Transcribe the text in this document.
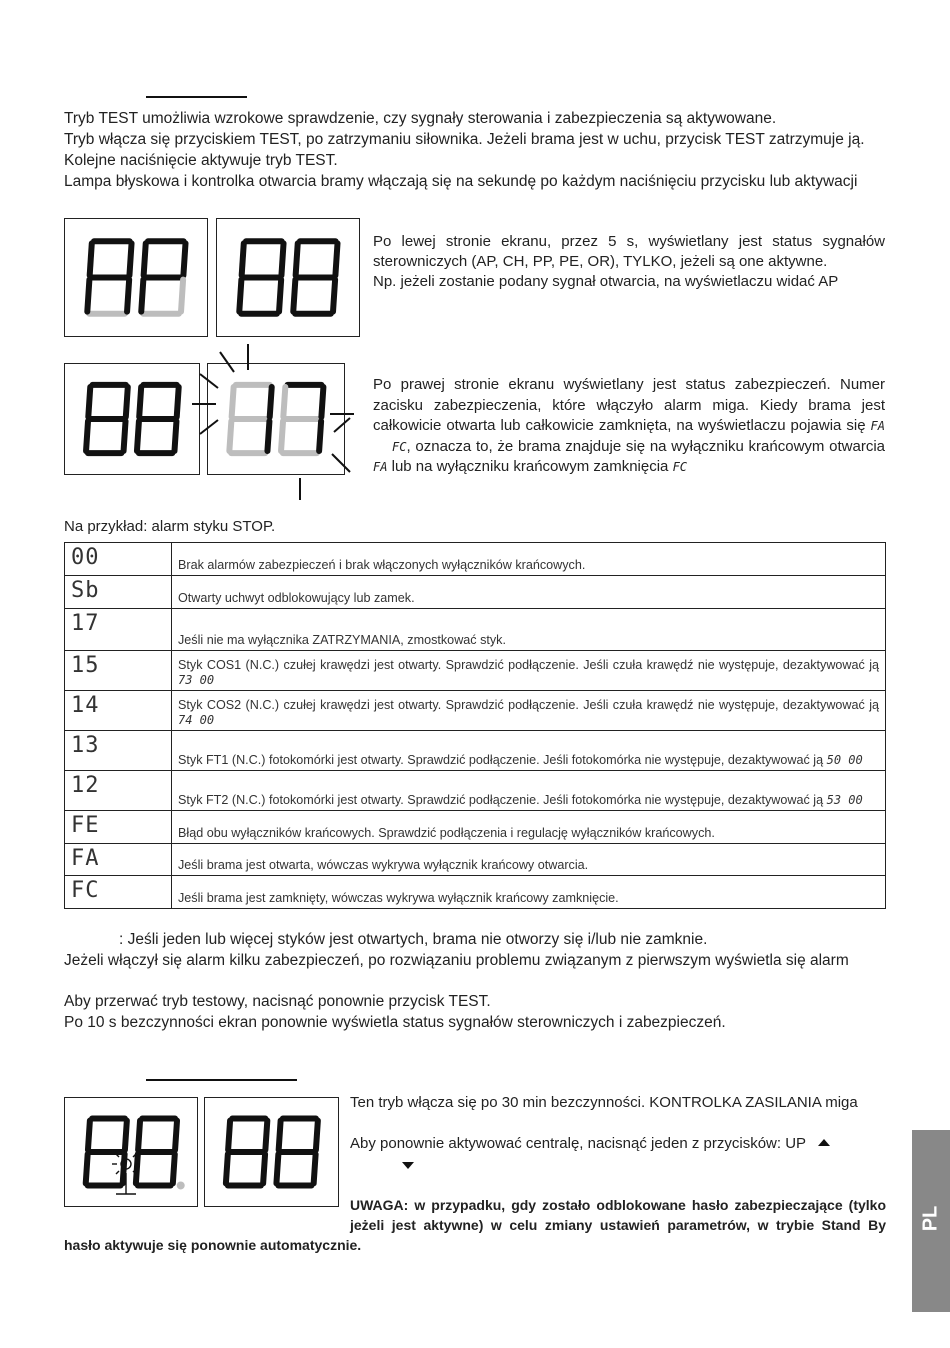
Tryb TEST umożliwia wzrokowe sprawdzenie, czy sygnały sterowania i zabezpieczenia są aktywowane.

Tryb włącza się przyciskiem TEST, po zatrzymaniu siłownika. Jeżeli brama jest w uchu, przycisk TEST zatrzymuje ją.

Kolejne naciśnięcie aktywuje tryb TEST.

Lampa błyskowa i kontrolka otwarcia bramy włączają się na sekundę po każdym naciśnięciu przycisku lub aktywacji

Po lewej stronie ekranu, przez 5 s, wyświetlany jest status sygnałów sterowniczych (AP, CH, PP, PE, OR), TYLKO, jeżeli są one aktywne.

Np. jeżeli zostanie podany sygnał otwarcia, na wyświetlaczu widać AP

Po prawej stronie ekranu wyświetlany jest status zabezpieczeń. Numer zacisku zabezpieczenia, które włączyło alarm miga. Kiedy brama jest całkowicie otwarta lub całkowicie zamknięta, na wyświetlaczu pojawia się FA     FC, oznacza to, że brama znajduje się na wyłączniku krańcowym otwarcia FA lub na wyłączniku krańcowym zamknięcia FC
Na przykład: alarm styku STOP.
00	Brak alarmów zabezpieczeń i brak włączonych wyłączników krańcowych.
Sb	Otwarty uchwyt odblokowujący lub zamek.
17	Jeśli nie ma wyłącznika ZATRZYMANIA, zmostkować styk.
15	Styk COS1 (N.C.) czułej krawędzi jest otwarty. Sprawdzić podłączenie. Jeśli czuła krawędź nie występuje, dezaktywować ją 73 00
14	Styk COS2 (N.C.) czułej krawędzi jest otwarty. Sprawdzić podłączenie. Jeśli czuła krawędź nie występuje, dezaktywować ją 74 00
13	Styk FT1 (N.C.) fotokomórki jest otwarty. Sprawdzić podłączenie. Jeśli fotokomórka nie występuje, dezaktywować ją 50 00
12	Styk FT2 (N.C.) fotokomórki jest otwarty. Sprawdzić podłączenie. Jeśli fotokomórka nie występuje, dezaktywować ją 53 00
FE	Błąd obu wyłączników krańcowych. Sprawdzić podłączenia i regulację wyłączników krańcowych.
FA	Jeśli brama jest otwarta, wówczas wykrywa wyłącznik krańcowy otwarcia.
FC	Jeśli brama jest zamknięty, wówczas wykrywa wyłącznik krańcowy zamknięcie.

: Jeśli jeden lub więcej styków jest otwartych, brama nie otworzy się i/lub nie zamknie.

Jeżeli włączył się alarm kilku zabezpieczeń, po rozwiązaniu problemu związanym z pierwszym wyświetla się alarm

Aby przerwać tryb testowy, nacisnąć ponownie przycisk TEST.

Po 10 s bezczynności ekran ponownie wyświetla status sygnałów sterowniczych i zabezpieczeń.

Ten tryb włącza się po 30 min bezczynności. KONTROLKA ZASILANIA miga

Aby ponownie aktywować centralę, nacisnąć jeden z przycisków: UP

UWAGA: w przypadku, gdy zostało odblokowane hasło zabezpieczające (tylko jeżeli jest aktywne) w celu zmiany ustawień parametrów, w trybie Stand By hasło aktywuje się ponownie automatycznie.
PL
